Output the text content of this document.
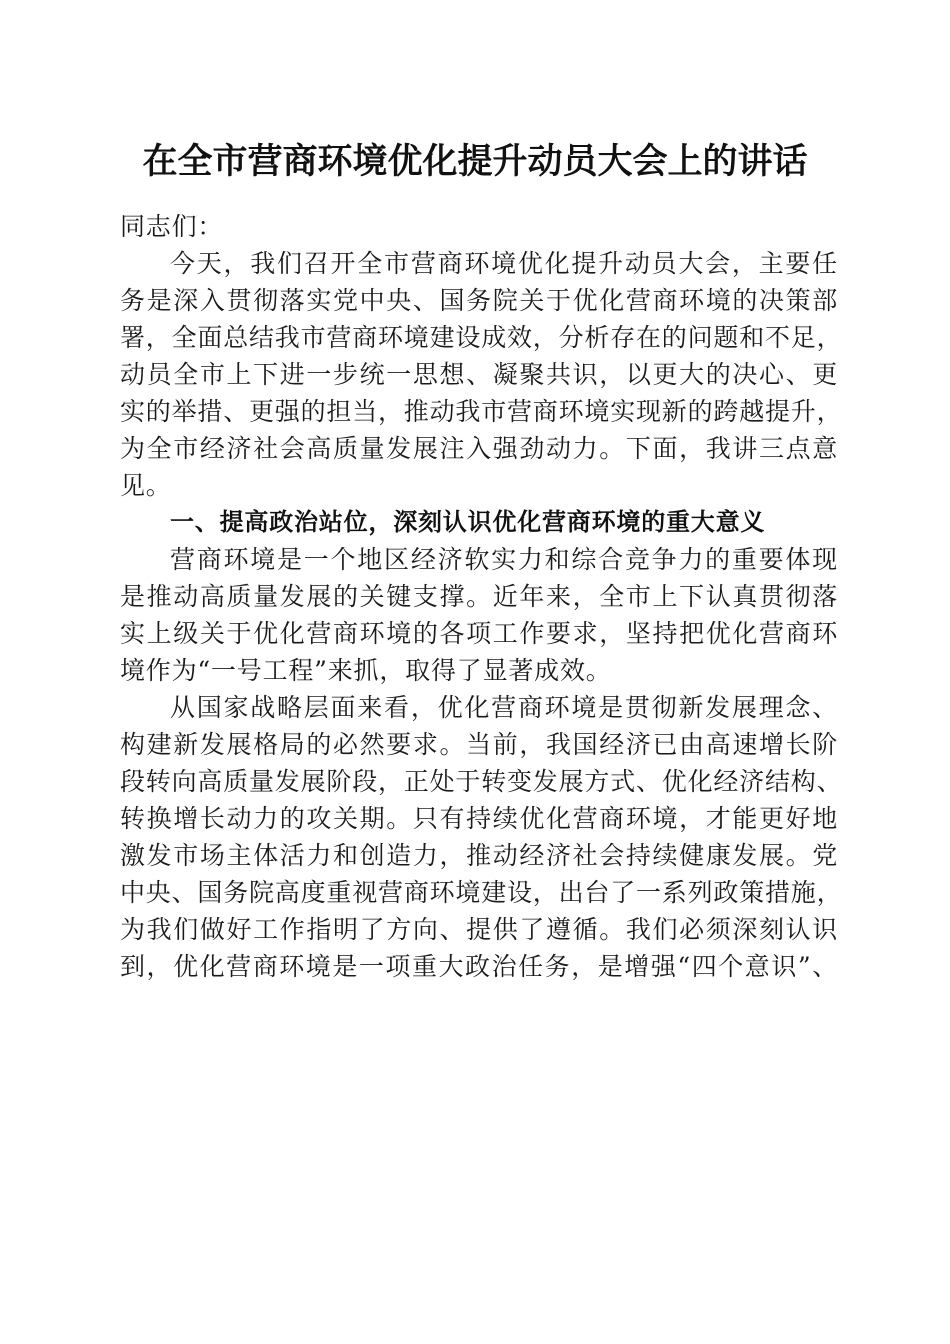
在全市营商环境优化提升动员大会上的讲话
同志们：
今天，我们召开全市营商环境优化提升动员大会，主要任
务是深入贯彻落实党中央、国务院关于优化营商环境的决策部
署，全面总结我市营商环境建设成效，分析存在的问题和不足，
动员全市上下进一步统一思想、凝聚共识，以更大的决心、更
实的举措、更强的担当，推动我市营商环境实现新的跨越提升，
为全市经济社会高质量发展注入强劲动力。下面，我讲三点意
见。
一、提高政治站位，深刻认识优化营商环境的重大意义
营商环境是一个地区经济软实力和综合竞争力的重要体现
是推动高质量发展的关键支撑。近年来，全市上下认真贯彻落
实上级关于优化营商环境的各项工作要求，坚持把优化营商环
境作为“一号工程”来抓，取得了显著成效。
从国家战略层面来看，优化营商环境是贯彻新发展理念、
构建新发展格局的必然要求。当前，我国经济已由高速增长阶
段转向高质量发展阶段，正处于转变发展方式、优化经济结构、
转换增长动力的攻关期。只有持续优化营商环境，才能更好地
激发市场主体活力和创造力，推动经济社会持续健康发展。党
中央、国务院高度重视营商环境建设，出台了一系列政策措施，
为我们做好工作指明了方向、提供了遵循。我们必须深刻认识
到，优化营商环境是一项重大政治任务，是增强“四个意识”、
